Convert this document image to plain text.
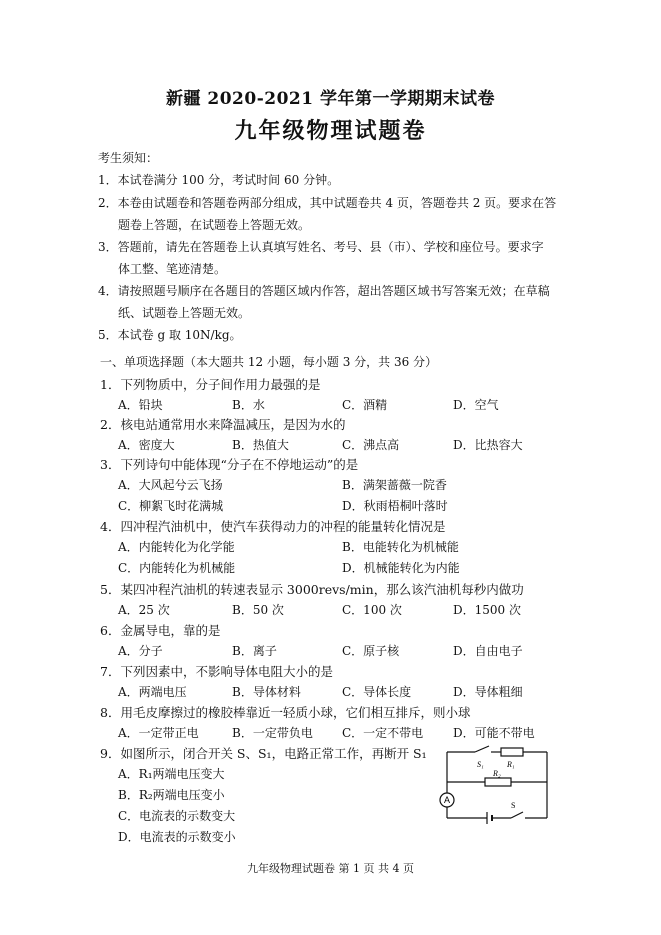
新疆 2020-2021 学年第一学期期末试卷
九年级物理试题卷
考生须知：
1．本试卷满分 100 分，考试时间 60 分钟。
2．本卷由试题卷和答题卷两部分组成，其中试题卷共 4 页，答题卷共 2 页。要求在答
题卷上答题，在试题卷上答题无效。
3．答题前，请先在答题卷上认真填写姓名、考号、县（市）、学校和座位号。要求字
体工整、笔迹清楚。
4．请按照题号顺序在各题目的答题区域内作答，超出答题区域书写答案无效；在草稿
纸、试题卷上答题无效。
5．本试卷 g 取 10N/kg。
一、单项选择题（本大题共 12 小题，每小题 3 分，共 36 分）
1．下列物质中，分子间作用力最强的是
A．铅块	B．水	C．酒精	D．空气
2．核电站通常用水来降温减压，是因为水的
A．密度大	B．热值大	C．沸点高	D．比热容大
3．下列诗句中能体现“分子在不停地运动”的是
A．大风起兮云飞扬	B．满架蔷薇一院香
C．柳絮飞时花满城	D．秋雨梧桐叶落时
4．四冲程汽油机中，使汽车获得动力的冲程的能量转化情况是
A．内能转化为化学能	B．电能转化为机械能
C．内能转化为机械能	D．机械能转化为内能
5．某四冲程汽油机的转速表显示 3000revs/min，那么该汽油机每秒内做功
A．25 次	B．50 次	C．100 次	D．1500 次
6．金属导电，靠的是
A．分子	B．离子	C．原子核	D．自由电子
7．下列因素中，不影响导体电阻大小的是
A．两端电压	B．导体材料	C．导体长度	D．导体粗细
8．用毛皮摩擦过的橡胶棒靠近一轻质小球，它们相互排斥，则小球
A．一定带正电	B．一定带负电 C．一定不带电 D．可能不带电
9．如图所示，闭合开关 S、S₁，电路正常工作，再断开 S₁
A．R₁两端电压变大
B．R₂两端电压变小
C．电流表的示数变大
D．电流表的示数变小
A
S₁	R₁
R₂
S
九年级物理试题卷 第 1 页 共 4 页
